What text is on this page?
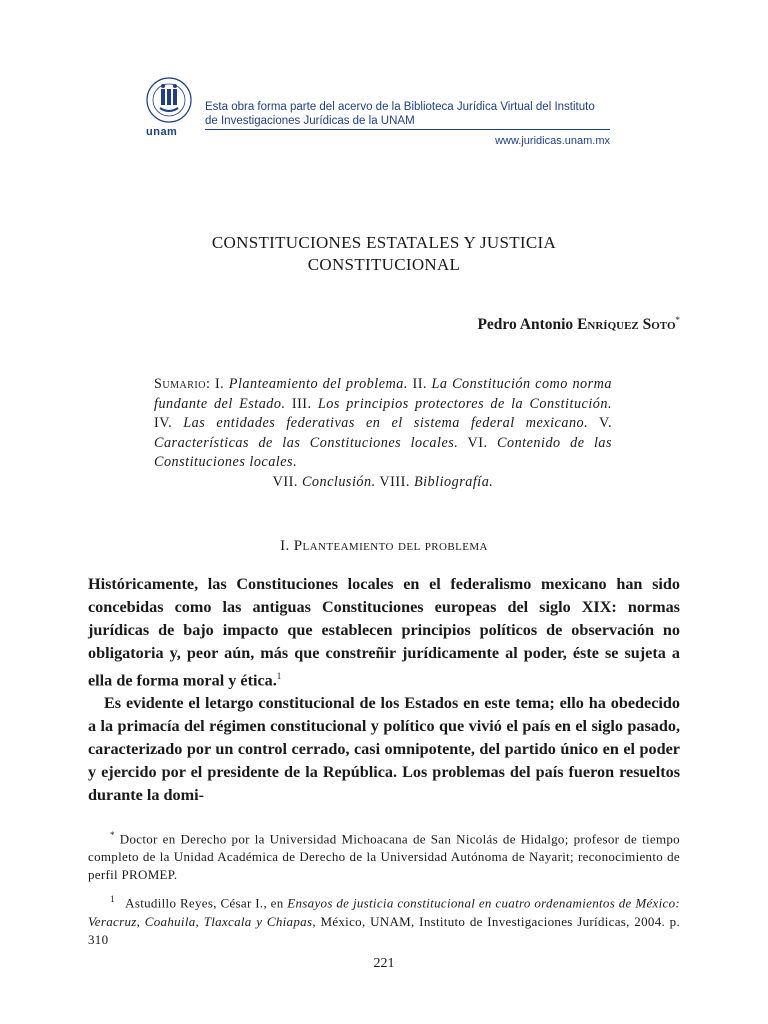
unam
Esta obra forma parte del acervo de la Biblioteca Jurídica Virtual del Instituto
de Investigaciones Jurídicas de la UNAM
www.juridicas.unam.mx
CONSTITUCIONES ESTATALES Y JUSTICIA
CONSTITUCIONAL
Pedro Antonio Enríquez Soto*
Sumario: I. Planteamiento del problema. II. La Constitución como norma fundante del Estado. III. Los principios protectores de la Constitución. IV. Las entidades federativas en el sistema federal mexicano. V. Características de las Constituciones locales. VI. Contenido de las Constituciones locales.
VII. Conclusión. VIII. Bibliografía.
I. Planteamiento del problema

Históricamente, las Constituciones locales en el federalismo mexicano han sido concebidas como las antiguas Constituciones europeas del siglo XIX: normas jurídicas de bajo impacto que establecen principios políticos de observación no obligatoria y, peor aún, más que constreñir jurídicamente al poder, éste se sujeta a ella de forma moral y ética.$^1$

Es evidente el letargo constitucional de los Estados en este tema; ello ha obedecido a la primacía del régimen constitucional y político que vivió el país en el siglo pasado, caracterizado por un control cerrado, casi omnipotente, del partido único en el poder y ejercido por el presidente de la República. Los problemas del país fueron resueltos durante la domi-

* Doctor en Derecho por la Universidad Michoacana de San Nicolás de Hidalgo; profesor de tiempo completo de la Unidad Académica de Derecho de la Universidad Autónoma de Nayarit; reconocimiento de perfil PROMEP.

$^1$ Astudillo Reyes, César I., en Ensayos de justicia constitucional en cuatro ordenamientos de México: Veracruz, Coahuila, Tlaxcala y Chiapas, México, UNAM, Instituto de Investigaciones Jurídicas, 2004. p. 310

221
